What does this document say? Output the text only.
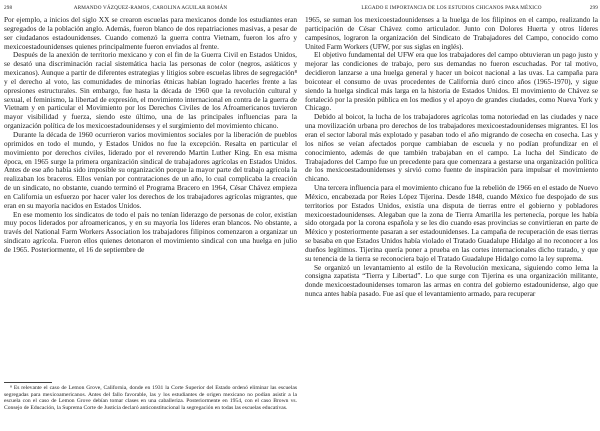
298	ARMANDO VÁZQUEZ-RAMOS, CAROLINA AGUILAR ROMÁN

Por ejemplo, a inicios del siglo XX se crearon escuelas para mexicanos donde los estudiantes eran segregados de la población anglo. Además, fueron blanco de dos repatriaciones masivas, a pesar de ser ciudadanos estadounidenses. Cuando comenzó la guerra contra Vietnam, fueron los afro y mexicoestadounidenses quienes principalmente fueron enviados al frente.

Después de la anexión de territorio mexicano y con el fin de la Guerra Civil en Estados Unidos, se desató una discriminación racial sistemática hacia las personas de color (negros, asiáticos y mexicanos). Aunque a partir de diferentes estrategias y litigios sobre escuelas libres de segregación⁸ y el derecho al voto, las comunidades de minorías étnicas habían logrado hacerles frente a las opresiones estructurales. Sin embargo, fue hasta la década de 1960 que la revolución cultural y sexual, el feminismo, la libertad de expresión, el movimiento internacional en contra de la guerra de Vietnam y en particular el Movimiento por los Derechos Civiles de los Afroamericanos tuvieron mayor visibilidad y fuerza, siendo este último, una de las principales influencias para la organización política de los mexicoestadounidenses y el surgimiento del movimiento chicano.

Durante la década de 1960 ocurrieron varios movimientos sociales por la liberación de pueblos oprimidos en todo el mundo, y Estados Unidos no fue la excepción. Resalta en particular el movimiento por derechos civiles, liderado por el reverendo Martin Luther King. En esa misma época, en 1965 surge la primera organización sindical de trabajadores agrícolas en Estados Unidos. Antes de ese año había sido imposible su organización porque la mayor parte del trabajo agrícola la realizaban los braceros. Ellos venían por contrataciones de un año, lo cual complicaba la creación de un sindicato, no obstante, cuando terminó el Programa Bracero en 1964, César Chávez empieza en California un esfuerzo por hacer valer los derechos de los trabajadores agrícolas migrantes, que eran en su mayoría nacidos en Estados Unidos.

En ese momento los sindicatos de todo el país no tenían liderazgo de personas de color, existían muy pocos liderados por afroamericanos, y en su mayoría los líderes eran blancos. No obstante, a través del National Farm Workers Association los trabajadores filipinos comenzaron a organizar un sindicato agrícola. Fueron ellos quienes detonaron el movimiento sindical con una huelga en julio de 1965. Posteriormente, el 16 de septiembre de

⁸ Es relevante el caso de Lemon Grove, California, donde en 1931 la Corte Superior del Estado ordenó eliminar las escuelas segregadas para mexicoamericanos. Antes del fallo favorable, las y los estudiantes de origen mexicano no podían asistir a la escuela con el caso de Lemon Grove debían tomar clases en una caballeriza. Posteriormente en 1954, con el caso Brown vs. Consejo de Educación, la Suprema Corte de Justicia declaró anticonstitucional la segregación en todas las escuelas educativas.

LEGADO E IMPORTANCIA DE LOS ESTUDIOS CHICANOS PARA MÉXICO	299

1965, se suman los mexicoestadounidenses a la huelga de los filipinos en el campo, realizando la participación de César Chávez como articulador. Junto con Dolores Huerta y otros líderes campesinos, lograron la organización del Sindicato de Trabajadores del Campo, conocido como United Farm Workers (UFW, por sus siglas en inglés).

El objetivo fundamental del UFW era que los trabajadores del campo obtuvieran un pago justo y mejorar las condiciones de trabajo, pero sus demandas no fueron escuchadas. Por tal motivo, decidieron lanzarse a una huelga general y hacer un boicot nacional a las uvas. La campaña para boicotear el consumo de uvas procedentes de California duró cinco años (1965-1970), y sigue siendo la huelga sindical más larga en la historia de Estados Unidos. El movimiento de Chávez se fortaleció por la presión pública en los medios y el apoyo de grandes ciudades, como Nueva York y Chicago.

Debido al boicot, la lucha de los trabajadores agrícolas toma notoriedad en las ciudades y nace una movilización urbana pro derechos de los trabajadores mexicoestadounidenses migrantes. El los eran el sector laboral más explotado y pasaban todo el año migrando de cosecha en cosecha. Las y los niños se veían afectados porque cambiaban de escuela y no podían profundizar en el conocimiento, además de que también trabajaban en el campo. La lucha del Sindicato de Trabajadores del Campo fue un precedente para que comenzara a gestarse una organización política de los mexicoestadounidenses y sirvió como fuente de inspiración para impulsar el movimiento chicano.

Una tercera influencia para el movimiento chicano fue la rebelión de 1966 en el estado de Nuevo México, encabezada por Reies López Tijerina. Desde 1848, cuando México fue despojado de sus territorios por Estados Unidos, existía una disputa de tierras entre el gobierno y pobladores mexicoestadounidenses. Alegaban que la zona de Tierra Amarilla les pertenecía, porque les había sido otorgada por la corona española y se les dio cuando esas provincias se convirtieran en parte de México y posteriormente pasaran a ser estadounidenses. La campaña de recuperación de esas tierras se basaba en que Estados Unidos había violado el Tratado Guadalupe Hidalgo al no reconocer a los dueños legítimos. Tijerina quería poner a prueba en las cortes internacionales dicho tratado, y que su tenencia de la tierra se reconociera bajo el Tratado Guadalupe Hidalgo como la ley suprema.

Se organizó un levantamiento al estilo de la Revolución mexicana, siguiendo como lema la consigna zapatista “Tierra y Libertad”. Lo que surge con Tijerina es una organización militante, donde mexicoestadounidenses tomaron las armas en contra del gobierno estadounidense, algo que nunca antes había pasado. Fue así que el levantamiento armado, para recuperar
